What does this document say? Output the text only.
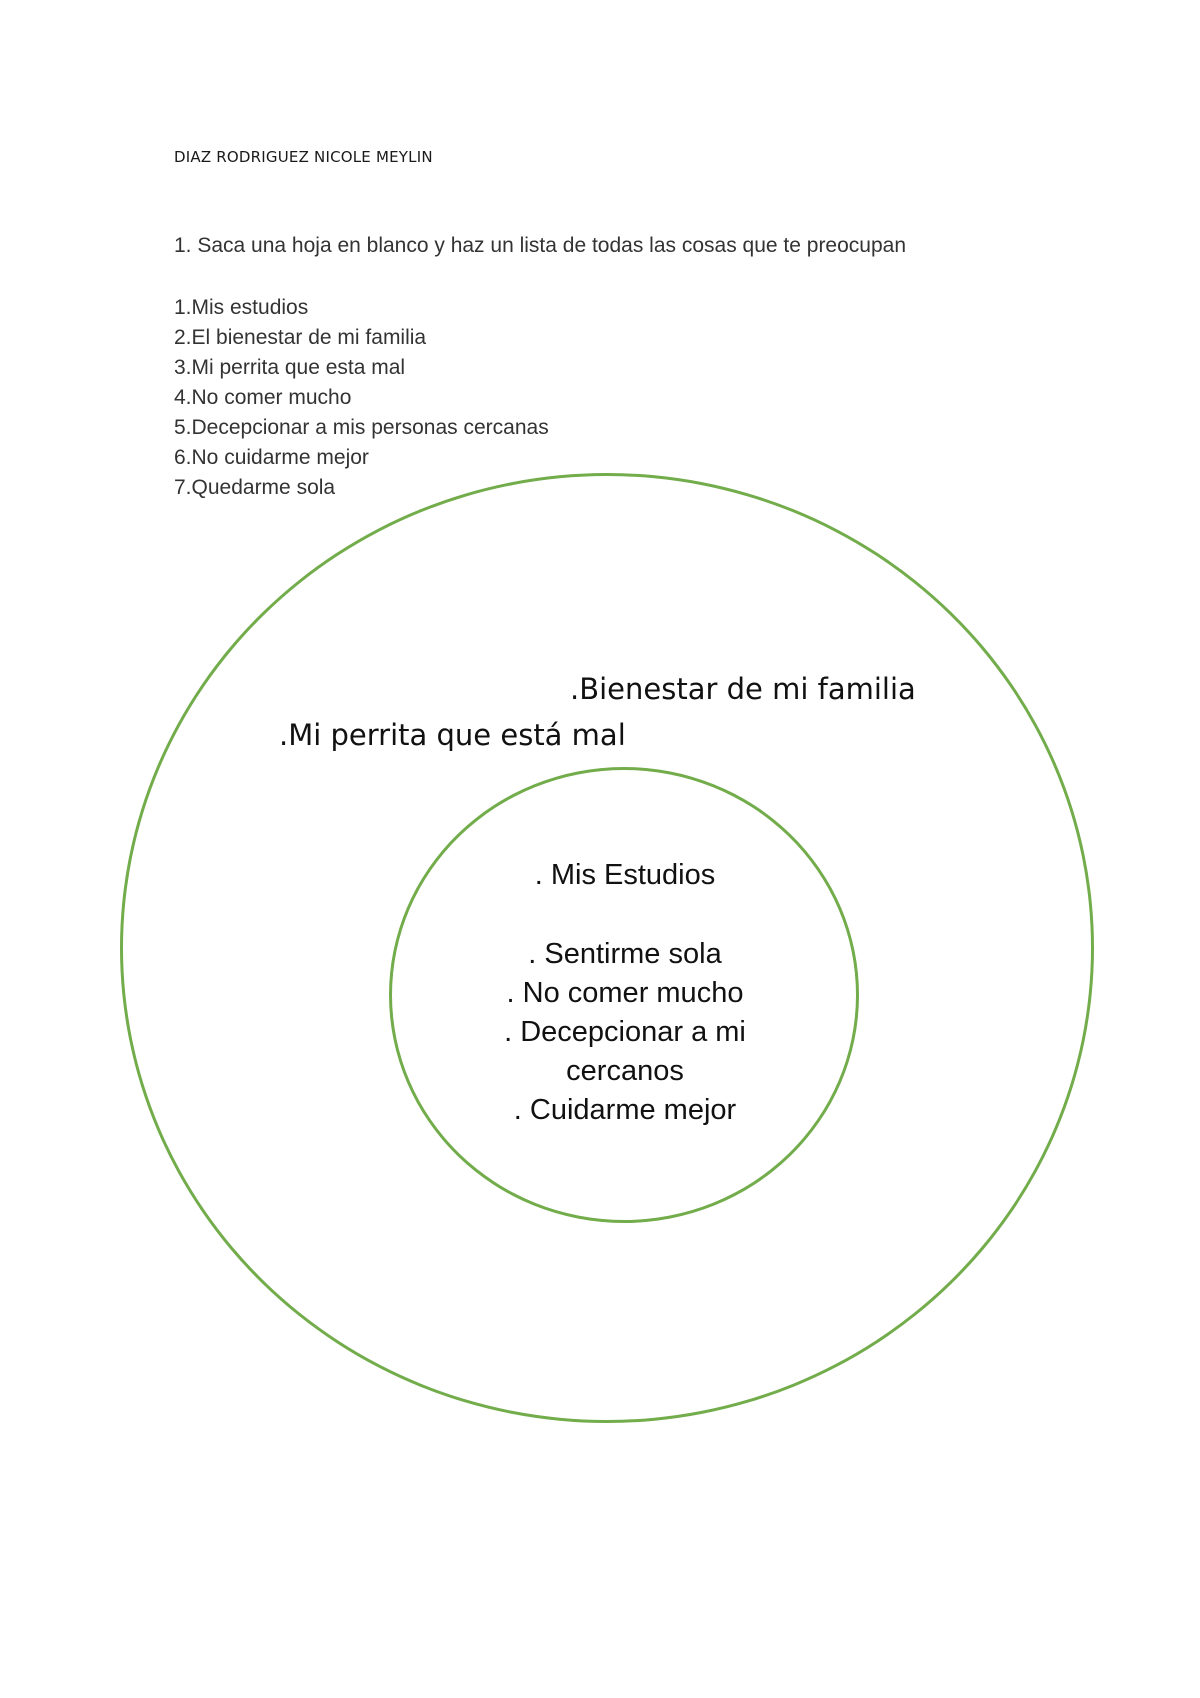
DIAZ RODRIGUEZ NICOLE MEYLIN
1. Saca una hoja en blanco y haz un lista de todas las cosas que te preocupan
1.Mis estudios
2.El bienestar de mi familia
3.Mi perrita que esta mal
4.No comer mucho
5.Decepcionar a mis personas cercanas
6.No cuidarme mejor
7.Quedarme sola
.Bienestar de mi familia
.Mi perrita que está mal
. Mis Estudios
. Sentirme sola
. No comer mucho
. Decepcionar a mi
cercanos
. Cuidarme mejor
